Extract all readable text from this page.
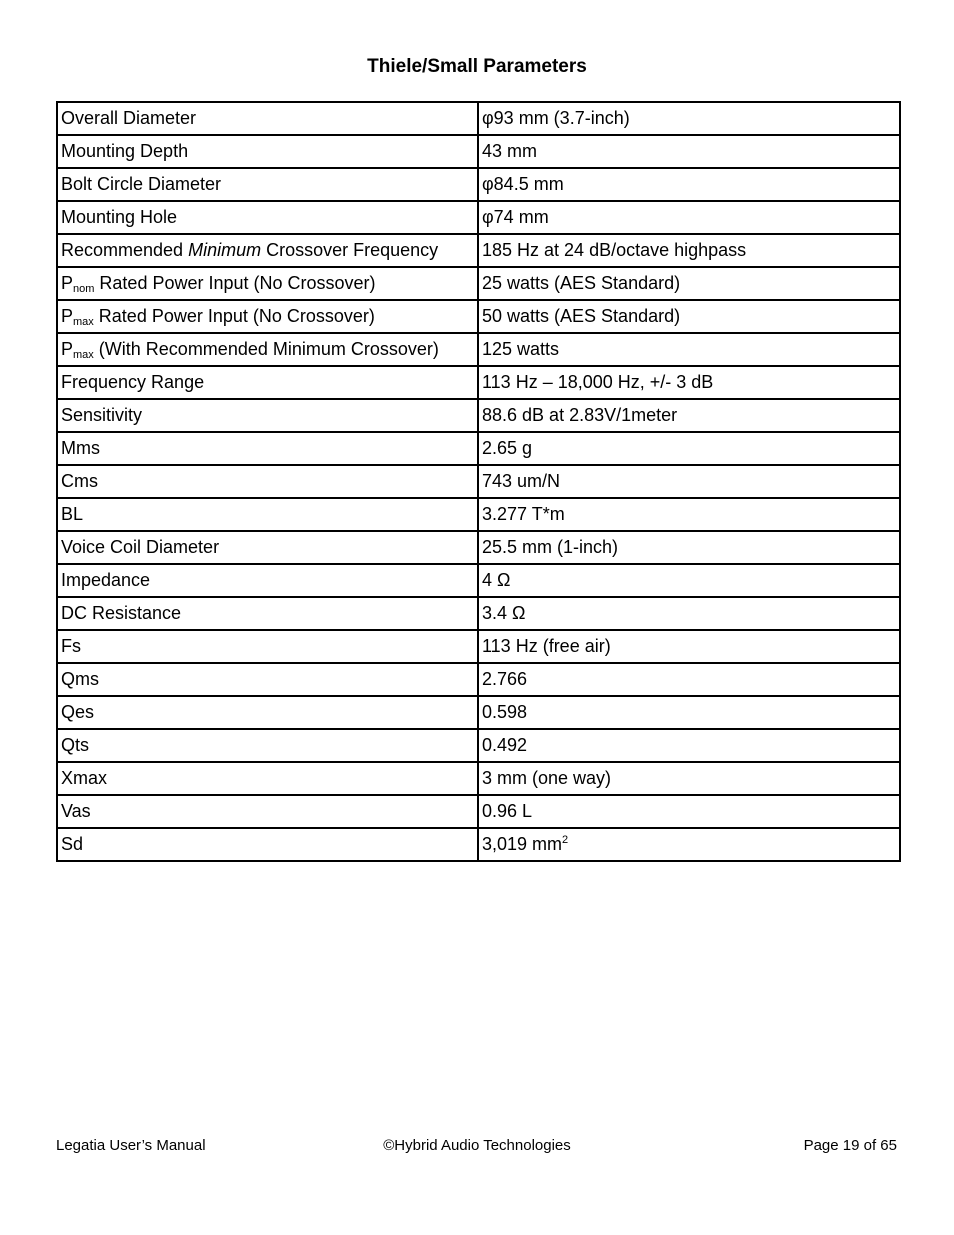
Thiele/Small Parameters
Overall Diameter	φ93 mm (3.7-inch)
Mounting Depth	43 mm
Bolt Circle Diameter	φ84.5 mm
Mounting Hole	φ74 mm
Recommended Minimum Crossover Frequency	185 Hz at 24 dB/octave highpass
$P_{nom}$ Rated Power Input (No Crossover)	25 watts (AES Standard)
$P_{max}$ Rated Power Input (No Crossover)	50 watts (AES Standard)
$P_{max}$ (With Recommended Minimum Crossover)	125 watts
Frequency Range	113 Hz – 18,000 Hz, +/- 3 dB
Sensitivity	88.6 dB at 2.83V/1meter
Mms	2.65 g
Cms	743 um/N
BL	3.277 T*m
Voice Coil Diameter	25.5 mm (1-inch)
Impedance	4 Ω
DC Resistance	3.4 Ω
Fs	113 Hz (free air)
Qms	2.766
Qes	0.598
Qts	0.492
Xmax	3 mm (one way)
Vas	0.96 L
Sd	3,019 $mm^2$
Legatia User’s Manual	©Hybrid Audio Technologies	Page 19 of 65
